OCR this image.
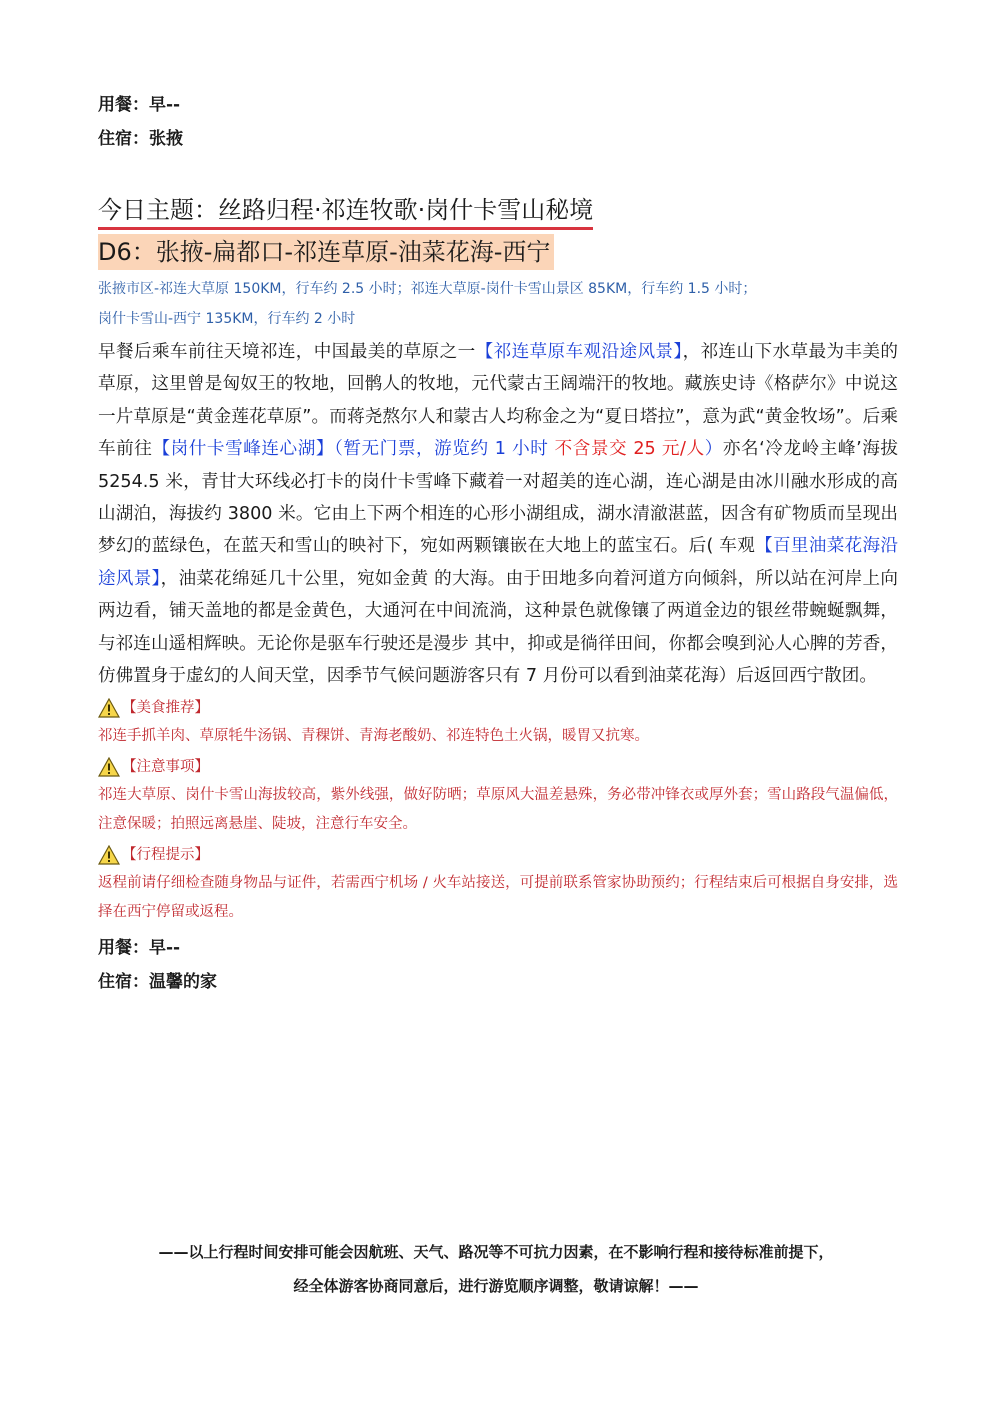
用餐：早--
住宿：张掖
今日主题：丝路归程·祁连牧歌·岗什卡雪山秘境
D6：张掖-扁都口-祁连草原-油菜花海-西宁
张掖市区-祁连大草原 150KM，行车约 2.5 小时；祁连大草原-岗什卡雪山景区 85KM，行车约 1.5 小时；
岗什卡雪山-西宁 135KM，行车约 2 小时
早餐后乘车前往天境祁连，中国最美的草原之一【祁连草原车观沿途风景】，祁连山下水草最为丰美的草原，这里曾是匈奴王的牧地，回鹘人的牧地，元代蒙古王阔端汗的牧地。藏族史诗《格萨尔》中说这一片草原是“黄金莲花草原”。而蒋尧熬尔人和蒙古人均称金之为“夏日塔拉”，意为武“黄金牧场”。后乘车前往【岗什卡雪峰连心湖】（暂无门票，游览约 1 小时 不含景交 25 元/人）亦名‘冷龙岭主峰’海拔 5254.5 米，青甘大环线必打卡的岗什卡雪峰下藏着一对超美的连心湖，连心湖是由冰川融水形成的高山湖泊，海拔约 3800 米。它由上下两个相连的心形小湖组成，湖水清澈湛蓝，因含有矿物质而呈现出梦幻的蓝绿色，在蓝天和雪山的映衬下，宛如两颗镶嵌在大地上的蓝宝石。后( 车观【百里油菜花海沿途风景】，油菜花绵延几十公里，宛如金黄 的大海。由于田地多向着河道方向倾斜，所以站在河岸上向两边看，铺天盖地的都是金黄色，大通河在中间流淌，这种景色就像镶了两道金边的银丝带蜿蜒飘舞，与祁连山遥相辉映。无论你是驱车行驶还是漫步 其中，抑或是徜徉田间，你都会嗅到沁人心脾的芳香，仿佛置身于虚幻的人间天堂，因季节气候问题游客只有 7 月份可以看到油菜花海）后返回西宁散团。
【美食推荐】
祁连手抓羊肉、草原牦牛汤锅、青稞饼、青海老酸奶、祁连特色土火锅，暖胃又抗寒。
【注意事项】
祁连大草原、岗什卡雪山海拔较高，紫外线强，做好防晒；草原风大温差悬殊，务必带冲锋衣或厚外套；雪山路段气温偏低，注意保暖；拍照远离悬崖、陡坡，注意行车安全。
【行程提示】
返程前请仔细检查随身物品与证件，若需西宁机场 / 火车站接送，可提前联系管家协助预约；行程结束后可根据自身安排，选择在西宁停留或返程。
用餐：早--
住宿：温馨的家
——以上行程时间安排可能会因航班、天气、路况等不可抗力因素，在不影响行程和接待标准前提下，
经全体游客协商同意后，进行游览顺序调整，敬请谅解！——
